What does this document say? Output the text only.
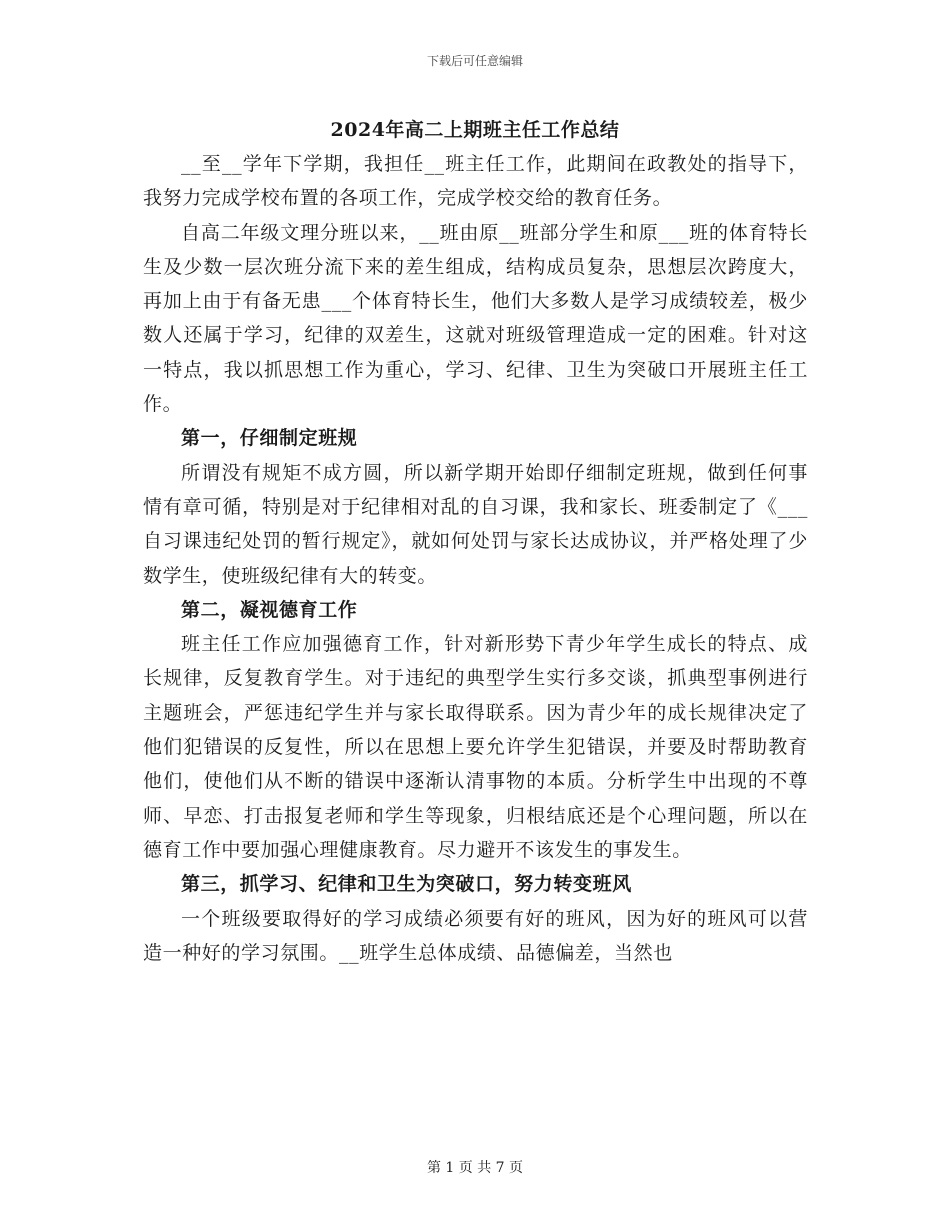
下载后可任意编辑
2024年高二上期班主任工作总结

__至__学年下学期，我担任__班主任工作，此期间在政教处的指导下，我努力完成学校布置的各项工作，完成学校交给的教育任务。

自高二年级文理分班以来，__班由原__班部分学生和原___班的体育特长生及少数一层次班分流下来的差生组成，结构成员复杂，思想层次跨度大，再加上由于有备无患___个体育特长生，他们大多数人是学习成绩较差，极少数人还属于学习，纪律的双差生，这就对班级管理造成一定的困难。针对这一特点，我以抓思想工作为重心，学习、纪律、卫生为突破口开展班主任工作。

第一，仔细制定班规

所谓没有规矩不成方圆，所以新学期开始即仔细制定班规，做到任何事情有章可循，特别是对于纪律相对乱的自习课，我和家长、班委制定了《___自习课违纪处罚的暂行规定》，就如何处罚与家长达成协议，并严格处理了少数学生，使班级纪律有大的转变。

第二，凝视德育工作

班主任工作应加强德育工作，针对新形势下青少年学生成长的特点、成长规律，反复教育学生。对于违纪的典型学生实行多交谈，抓典型事例进行主题班会，严惩违纪学生并与家长取得联系。因为青少年的成长规律决定了他们犯错误的反复性，所以在思想上要允许学生犯错误，并要及时帮助教育他们，使他们从不断的错误中逐渐认清事物的本质。分析学生中出现的不尊师、早恋、打击报复老师和学生等现象，归根结底还是个心理问题，所以在德育工作中要加强心理健康教育。尽力避开不该发生的事发生。

第三，抓学习、纪律和卫生为突破口，努力转变班风

一个班级要取得好的学习成绩必须要有好的班风，因为好的班风可以营造一种好的学习氛围。__班学生总体成绩、品德偏差，当然也

第 1 页 共 7 页
